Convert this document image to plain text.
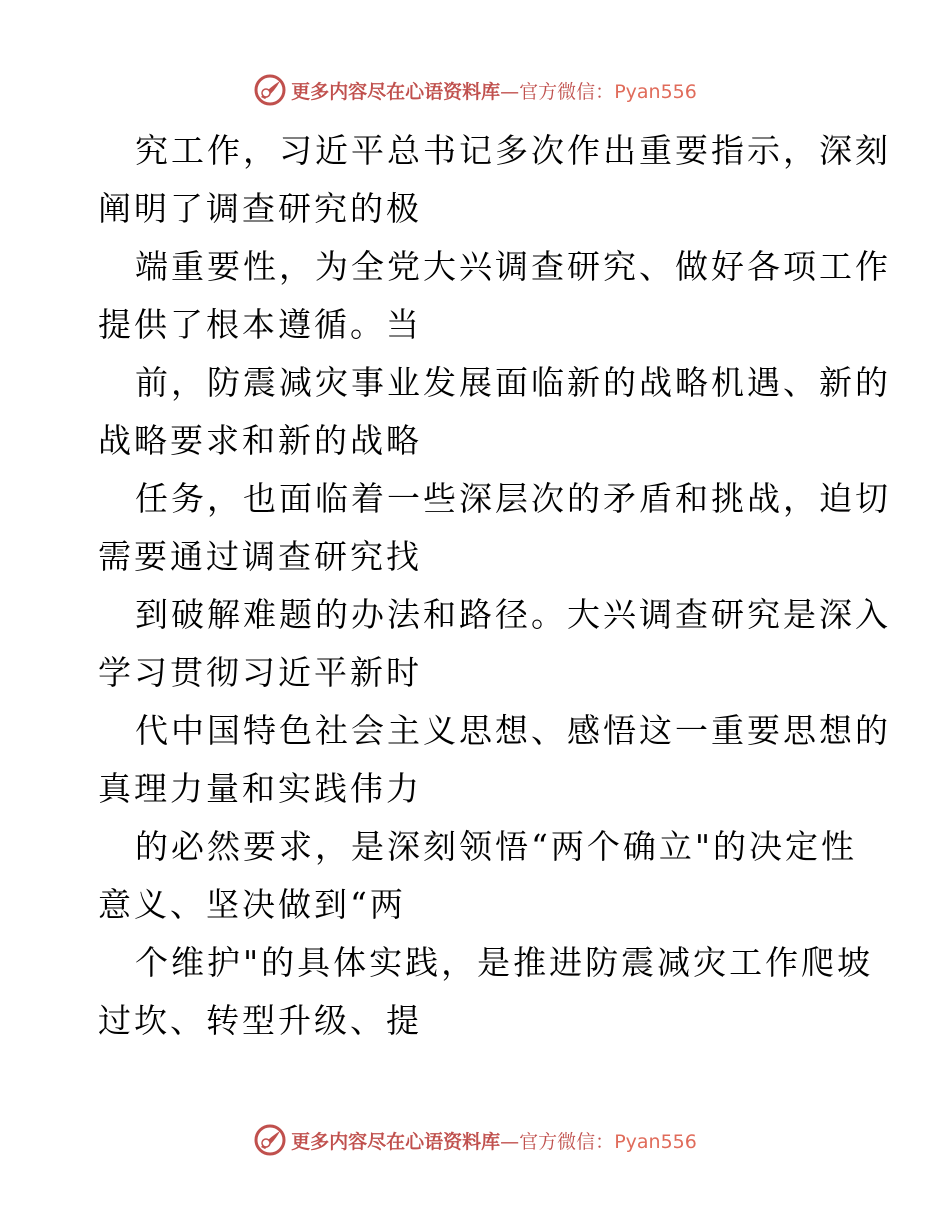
更多内容尽在心语资料库—官方微信：Pyan556
究工作，习近平总书记多次作出重要指示，深刻
阐明了调查研究的极
端重要性，为全党大兴调查研究、做好各项工作
提供了根本遵循。当
前，防震减灾事业发展面临新的战略机遇、新的
战略要求和新的战略
任务，也面临着一些深层次的矛盾和挑战，迫切
需要通过调查研究找
到破解难题的办法和路径。大兴调查研究是深入
学习贯彻习近平新时
代中国特色社会主义思想、感悟这一重要思想的
真理力量和实践伟力
的必然要求，是深刻领悟“两个确立"的决定性
意义、坚决做到“两
个维护"的具体实践，是推进防震减灾工作爬坡
过坎、转型升级、提
更多内容尽在心语资料库—官方微信：Pyan556
